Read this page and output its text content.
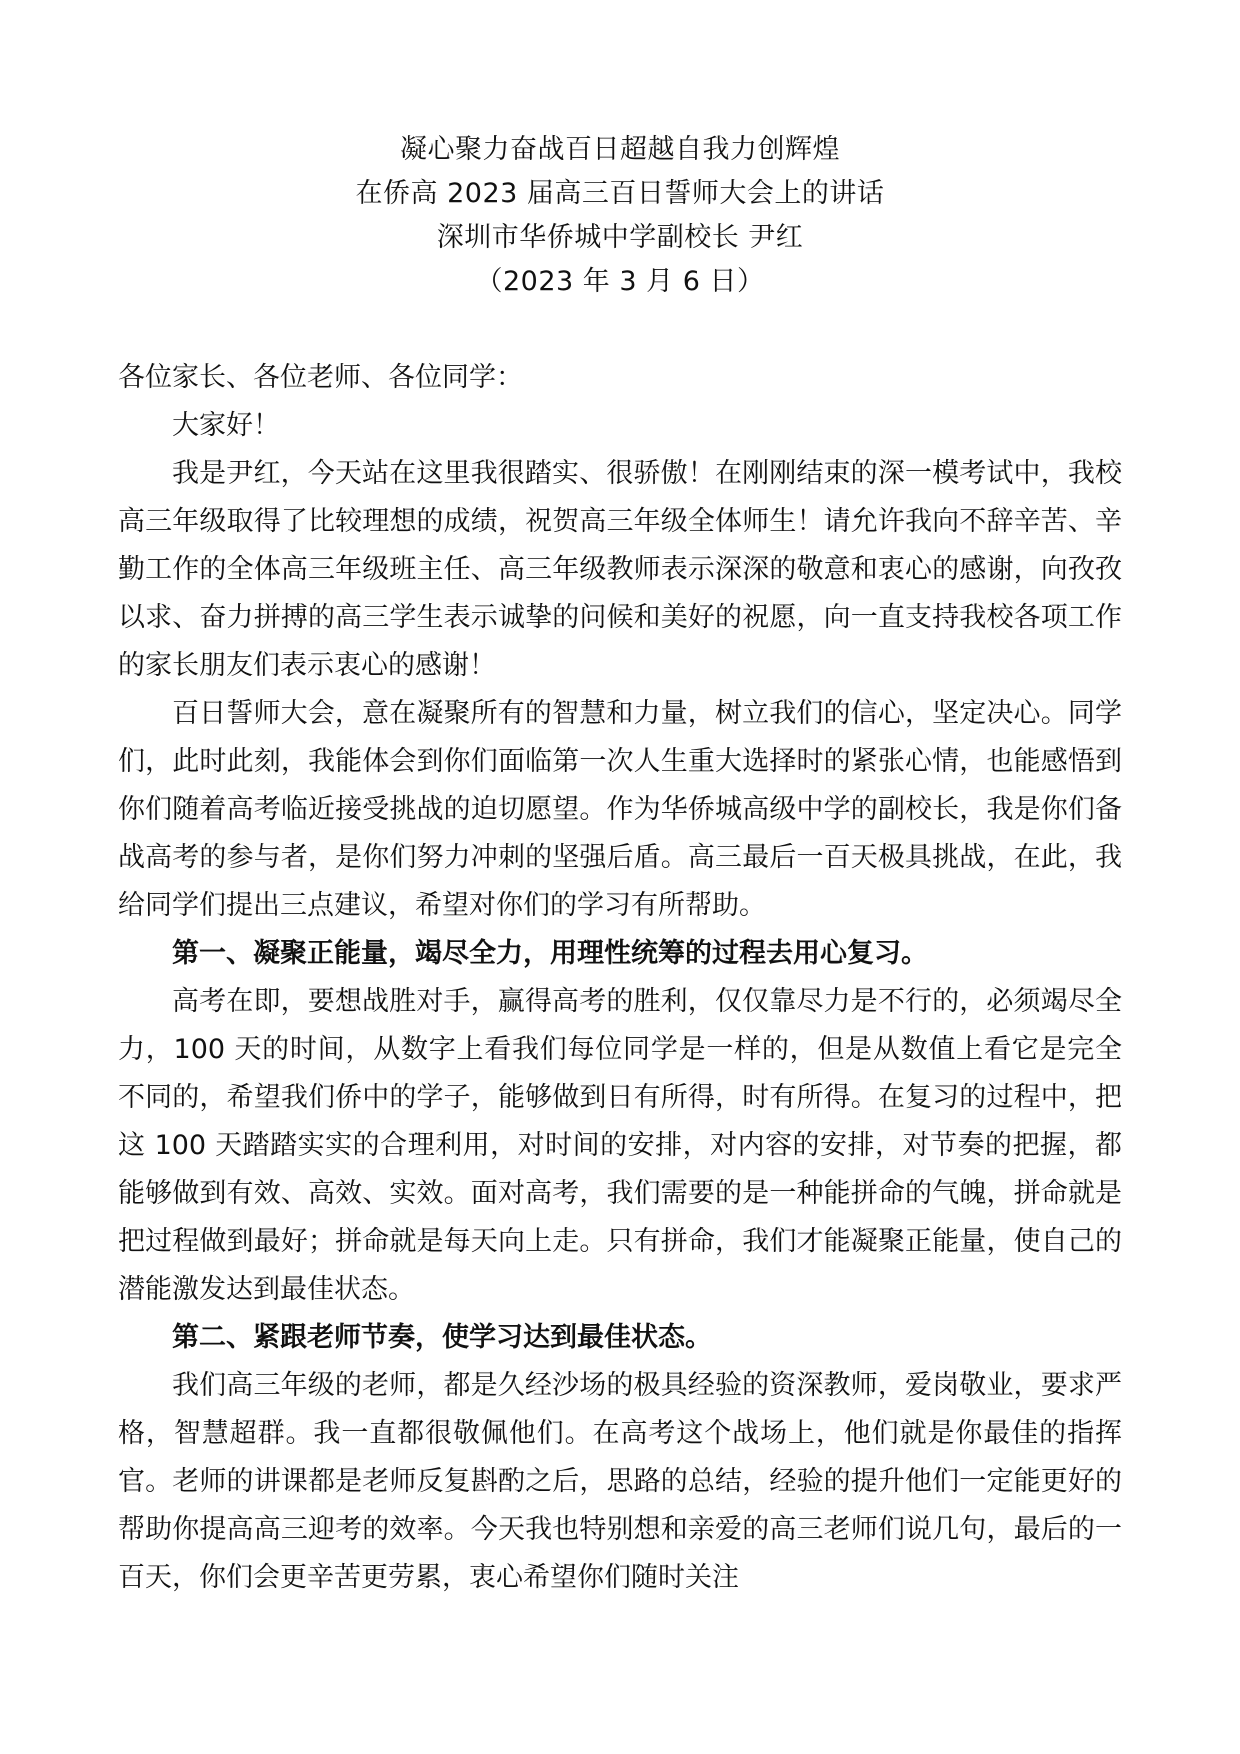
凝心聚力奋战百日超越自我力创辉煌
在侨高 2023 届高三百日誓师大会上的讲话
深圳市华侨城中学副校长 尹红
（2023 年 3 月 6 日）
各位家长、各位老师、各位同学：

大家好！

我是尹红，今天站在这里我很踏实、很骄傲！在刚刚结束的深一模考试中，我校高三年级取得了比较理想的成绩，祝贺高三年级全体师生！请允许我向不辞辛苦、辛勤工作的全体高三年级班主任、高三年级教师表示深深的敬意和衷心的感谢，向孜孜以求、奋力拼搏的高三学生表示诚挚的问候和美好的祝愿，向一直支持我校各项工作的家长朋友们表示衷心的感谢！

百日誓师大会，意在凝聚所有的智慧和力量，树立我们的信心，坚定决心。同学们，此时此刻，我能体会到你们面临第一次人生重大选择时的紧张心情，也能感悟到你们随着高考临近接受挑战的迫切愿望。作为华侨城高级中学的副校长，我是你们备战高考的参与者，是你们努力冲刺的坚强后盾。高三最后一百天极具挑战，在此，我给同学们提出三点建议，希望对你们的学习有所帮助。

第一、凝聚正能量，竭尽全力，用理性统筹的过程去用心复习。

高考在即，要想战胜对手，赢得高考的胜利，仅仅靠尽力是不行的，必须竭尽全力，100 天的时间，从数字上看我们每位同学是一样的，但是从数值上看它是完全不同的，希望我们侨中的学子，能够做到日有所得，时有所得。在复习的过程中，把这 100 天踏踏实实的合理利用，对时间的安排，对内容的安排，对节奏的把握，都能够做到有效、高效、实效。面对高考，我们需要的是一种能拼命的气魄，拼命就是把过程做到最好；拼命就是每天向上走。只有拼命，我们才能凝聚正能量，使自己的潜能激发达到最佳状态。

第二、紧跟老师节奏，使学习达到最佳状态。

我们高三年级的老师，都是久经沙场的极具经验的资深教师，爱岗敬业，要求严格，智慧超群。我一直都很敬佩他们。在高考这个战场上，他们就是你最佳的指挥官。老师的讲课都是老师反复斟酌之后，思路的总结，经验的提升他们一定能更好的帮助你提高高三迎考的效率。今天我也特别想和亲爱的高三老师们说几句，最后的一百天，你们会更辛苦更劳累，衷心希望你们随时关注
